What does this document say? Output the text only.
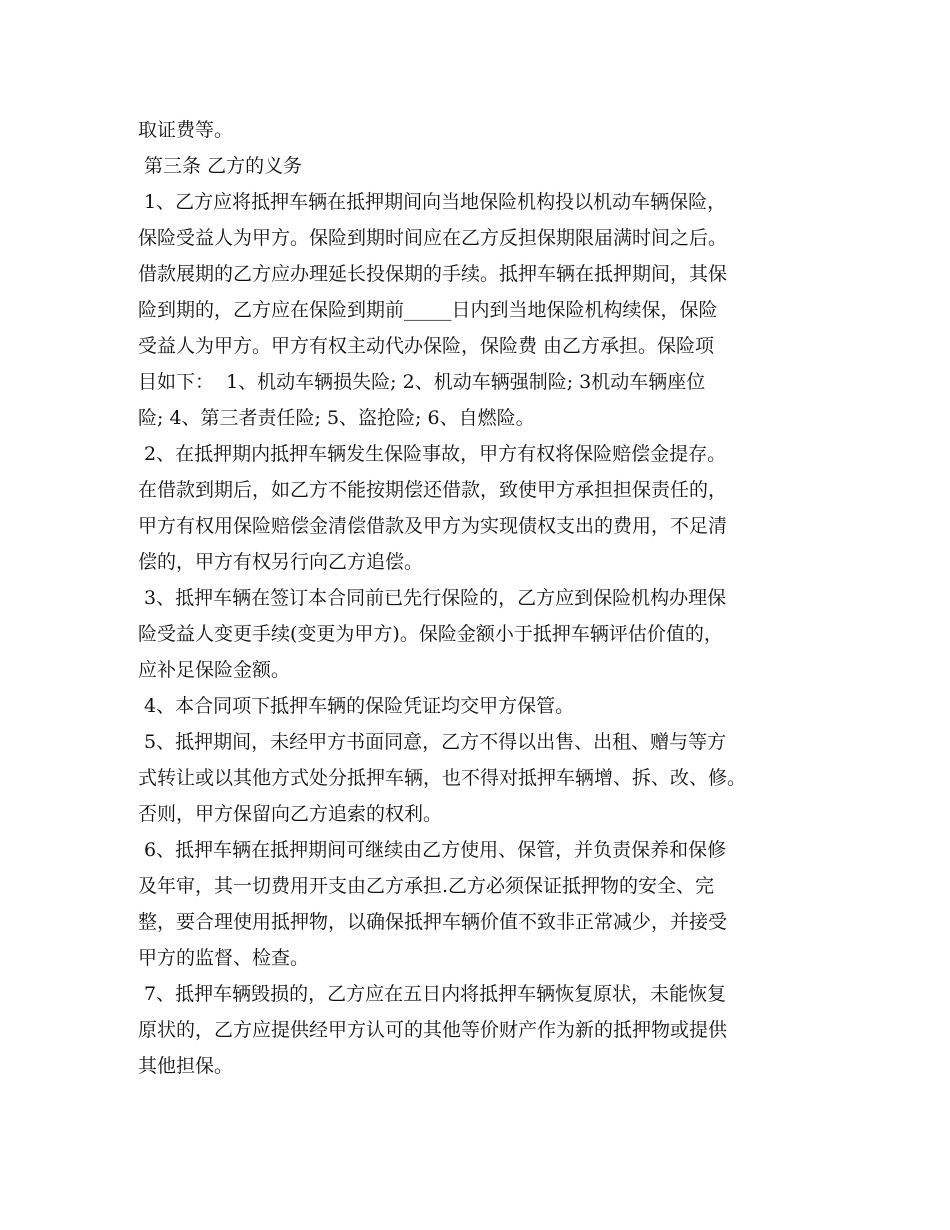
取证费等。
第三条 乙方的义务
1、乙方应将抵押车辆在抵押期间向当地保险机构投以机动车辆保险，
保险受益人为甲方。保险到期时间应在乙方反担保期限届满时间之后。
借款展期的乙方应办理延长投保期的手续。抵押车辆在抵押期间，其保
险到期的，乙方应在保险到期前_____日内到当地保险机构续保，保险
受益人为甲方。甲方有权主动代办保险，保险费 由乙方承担。保险项
目如下：  1、机动车辆损失险; 2、机动车辆强制险; 3机动车辆座位
险; 4、第三者责任险; 5、盗抢险; 6、自燃险。
2、在抵押期内抵押车辆发生保险事故，甲方有权将保险赔偿金提存。
在借款到期后，如乙方不能按期偿还借款，致使甲方承担担保责任的，
甲方有权用保险赔偿金清偿借款及甲方为实现债权支出的费用，不足清
偿的，甲方有权另行向乙方追偿。
3、抵押车辆在签订本合同前已先行保险的，乙方应到保险机构办理保
险受益人变更手续(变更为甲方)。保险金额小于抵押车辆评估价值的，
应补足保险金额。
4、本合同项下抵押车辆的保险凭证均交甲方保管。
5、抵押期间，未经甲方书面同意，乙方不得以出售、出租、赠与等方
式转让或以其他方式处分抵押车辆，也不得对抵押车辆增、拆、改、修。
否则，甲方保留向乙方追索的权利。
6、抵押车辆在抵押期间可继续由乙方使用、保管，并负责保养和保修
及年审，其一切费用开支由乙方承担.乙方必须保证抵押物的安全、完
整，要合理使用抵押物，以确保抵押车辆价值不致非正常减少，并接受
甲方的监督、检查。
7、抵押车辆毁损的，乙方应在五日内将抵押车辆恢复原状，未能恢复
原状的，乙方应提供经甲方认可的其他等价财产作为新的抵押物或提供
其他担保。
